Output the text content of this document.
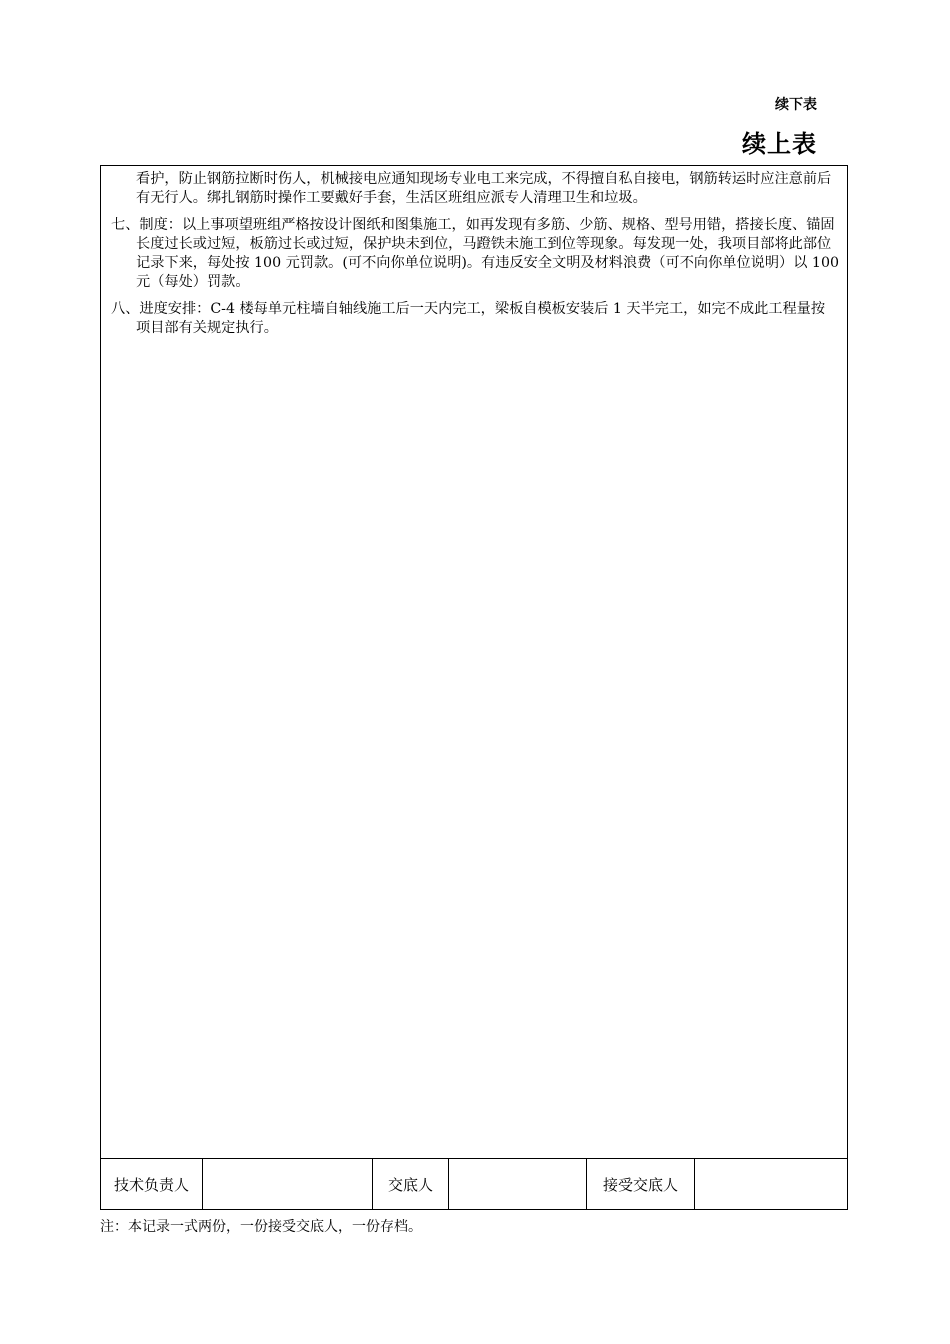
续下表
续上表

看护，防止钢筋拉断时伤人，机械接电应通知现场专业电工来完成，不得擅自私自接电，钢筋转运时应注意前后有无行人。绑扎钢筋时操作工要戴好手套，生活区班组应派专人清理卫生和垃圾。

七、制度：以上事项望班组严格按设计图纸和图集施工，如再发现有多筋、少筋、规格、型号用错，搭接长度、锚固长度过长或过短，板筋过长或过短，保护块未到位，马蹬铁未施工到位等现象。每发现一处，我项目部将此部位记录下来，每处按 100 元罚款。(可不向你单位说明)。有违反安全文明及材料浪费（可不向你单位说明）以 100 元（每处）罚款。

八、进度安排：C-4 楼每单元柱墙自轴线施工后一天内完工，梁板自模板安装后 1 天半完工，如完不成此工程量按项目部有关规定执行。

技术负责人	交底人	接受交底人
注：本记录一式两份，一份接受交底人，一份存档。
